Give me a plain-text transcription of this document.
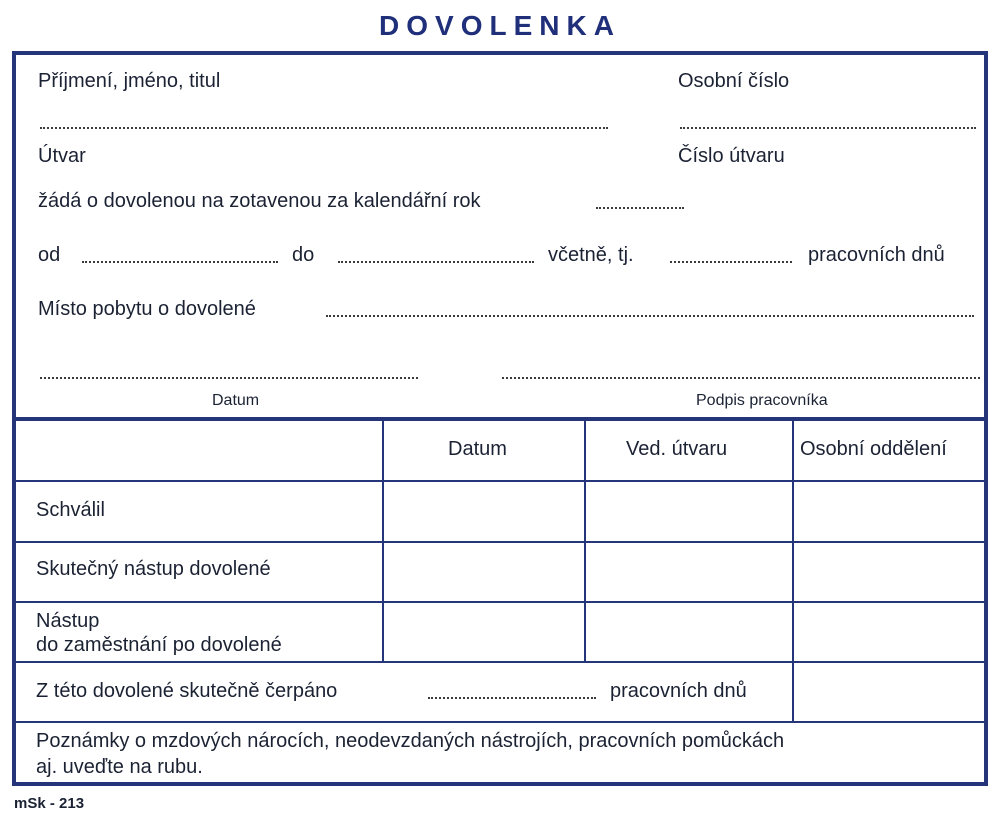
DOVOLENKA
Příjmení, jméno, titul	Osobní číslo
Útvar	Číslo útvaru
žádá o dovolenou na zotavenou za kalendářní rok
od	do	včetně, tj.	pracovních dnů
Místo pobytu o dovolené
Datum	Podpis pracovníka
Datum	Ved. útvaru	Osobní oddělení
Schválil
Skutečný nástup dovolené
Nástup
do zaměstnání po dovolené
Z této dovolené skutečně čerpáno	pracovních dnů
Poznámky o mzdových nárocích, neodevzdaných nástrojích, pracovních pomůckách
aj. uveďte na rubu.
mSk - 213
